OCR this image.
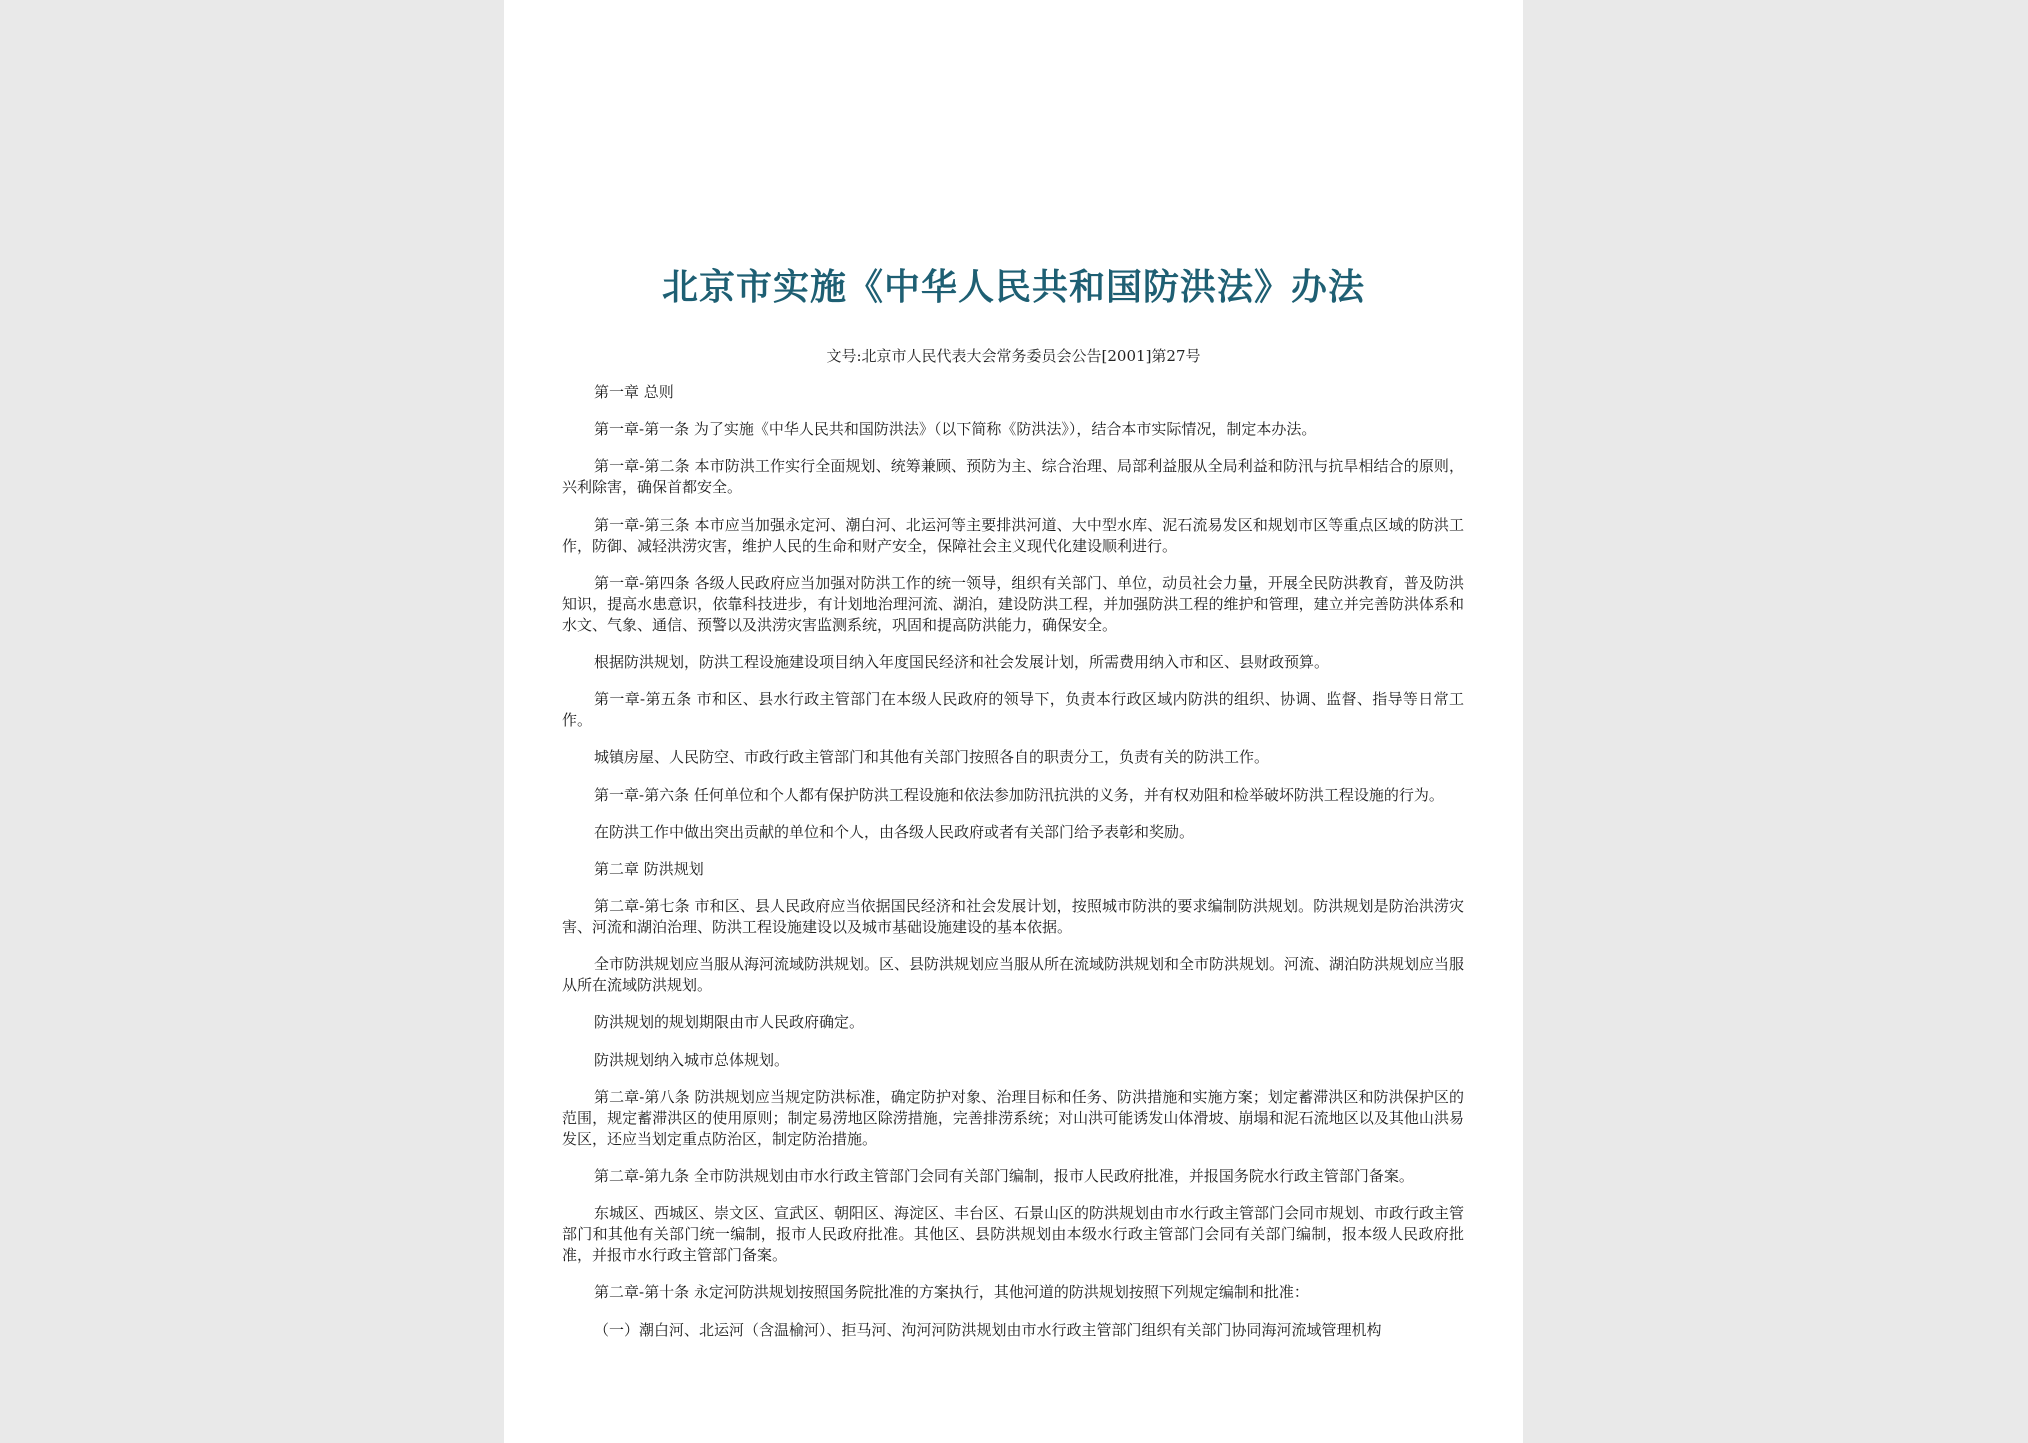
北京市实施《中华人民共和国防洪法》办法
文号:北京市人民代表大会常务委员会公告[2001]第27号

第一章 总则

第一章-第一条 为了实施《中华人民共和国防洪法》（以下简称《防洪法》），结合本市实际情况，制定本办法。

第一章-第二条 本市防洪工作实行全面规划、统筹兼顾、预防为主、综合治理、局部利益服从全局利益和防汛与抗旱相结合的原则，兴利除害，确保首都安全。

第一章-第三条 本市应当加强永定河、潮白河、北运河等主要排洪河道、大中型水库、泥石流易发区和规划市区等重点区域的防洪工作，防御、减轻洪涝灾害，维护人民的生命和财产安全，保障社会主义现代化建设顺利进行。

第一章-第四条 各级人民政府应当加强对防洪工作的统一领导，组织有关部门、单位，动员社会力量，开展全民防洪教育，普及防洪知识，提高水患意识，依靠科技进步，有计划地治理河流、湖泊，建设防洪工程，并加强防洪工程的维护和管理，建立并完善防洪体系和水文、气象、通信、预警以及洪涝灾害监测系统，巩固和提高防洪能力，确保安全。

根据防洪规划，防洪工程设施建设项目纳入年度国民经济和社会发展计划，所需费用纳入市和区、县财政预算。

第一章-第五条 市和区、县水行政主管部门在本级人民政府的领导下，负责本行政区域内防洪的组织、协调、监督、指导等日常工作。

城镇房屋、人民防空、市政行政主管部门和其他有关部门按照各自的职责分工，负责有关的防洪工作。

第一章-第六条 任何单位和个人都有保护防洪工程设施和依法参加防汛抗洪的义务，并有权劝阻和检举破坏防洪工程设施的行为。

在防洪工作中做出突出贡献的单位和个人，由各级人民政府或者有关部门给予表彰和奖励。

第二章 防洪规划

第二章-第七条 市和区、县人民政府应当依据国民经济和社会发展计划，按照城市防洪的要求编制防洪规划。防洪规划是防治洪涝灾害、河流和湖泊治理、防洪工程设施建设以及城市基础设施建设的基本依据。

全市防洪规划应当服从海河流域防洪规划。区、县防洪规划应当服从所在流域防洪规划和全市防洪规划。河流、湖泊防洪规划应当服从所在流域防洪规划。

防洪规划的规划期限由市人民政府确定。

防洪规划纳入城市总体规划。

第二章-第八条 防洪规划应当规定防洪标准，确定防护对象、治理目标和任务、防洪措施和实施方案；划定蓄滞洪区和防洪保护区的范围，规定蓄滞洪区的使用原则；制定易涝地区除涝措施，完善排涝系统；对山洪可能诱发山体滑坡、崩塌和泥石流地区以及其他山洪易发区，还应当划定重点防治区，制定防治措施。

第二章-第九条 全市防洪规划由市水行政主管部门会同有关部门编制，报市人民政府批准，并报国务院水行政主管部门备案。

东城区、西城区、崇文区、宣武区、朝阳区、海淀区、丰台区、石景山区的防洪规划由市水行政主管部门会同市规划、市政行政主管部门和其他有关部门统一编制，报市人民政府批准。其他区、县防洪规划由本级水行政主管部门会同有关部门编制，报本级人民政府批准，并报市水行政主管部门备案。

第二章-第十条 永定河防洪规划按照国务院批准的方案执行，其他河道的防洪规划按照下列规定编制和批准：

（一）潮白河、北运河（含温榆河）、拒马河、泃河河防洪规划由市水行政主管部门组织有关部门协同海河流域管理机构
